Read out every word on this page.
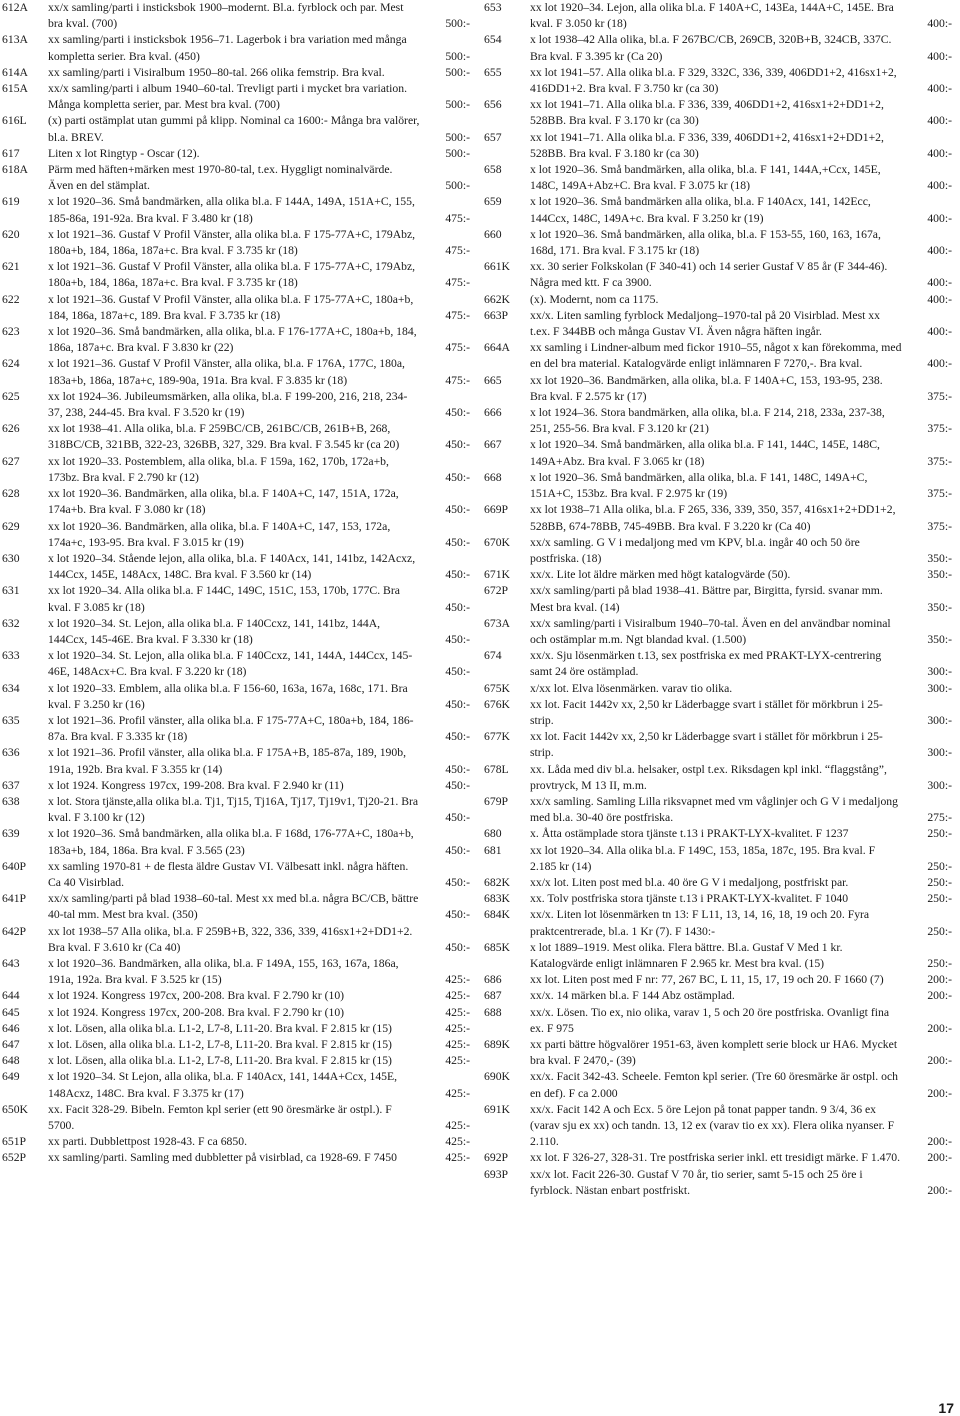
612A	xx/x samling/parti i insticksbok 1900–modernt. Bl.a. fyrblock och par. Mest bra kval. (700)	500:-
613A	xx samling/parti i insticksbok 1956–71. Lagerbok i bra variation med många kompletta serier. Bra kval. (450)	500:-
614A	xx samling/parti i Visiralbum 1950–80-tal. 266 olika femstrip. Bra kval.	500:-
615A	xx/x samling/parti i album 1940–60-tal. Trevligt parti i mycket bra variation. Många kompletta serier, par. Mest bra kval. (700)	500:-
616L	(x) parti ostämplat utan gummi på klipp. Nominal ca 1600:- Många bra valörer, bl.a. BREV.	500:-
617	Liten x lot Ringtyp - Oscar (12).	500:-
618A	Pärm med häften+märken mest 1970-80-tal, t.ex. Hyggligt nominalvärde. Även en del stämplat.	500:-
619	x lot 1920–36. Små bandmärken, alla olika bl.a. F 144A, 149A, 151A+C, 155, 185-86a, 191-92a. Bra kval. F 3.480 kr (18)	475:-
620	x lot 1921–36. Gustaf V Profil Vänster, alla olika bl.a. F 175-77A+C, 179Abz, 180a+b, 184, 186a, 187a+c. Bra kval. F 3.735 kr (18)	475:-
621	x lot 1921–36. Gustaf V Profil Vänster, alla olika bl.a. F 175-77A+C, 179Abz, 180a+b, 184, 186a, 187a+c. Bra kval. F 3.735 kr (18)	475:-
622	x lot 1921–36. Gustaf V Profil Vänster, alla olika bl.a. F 175-77A+C, 180a+b, 184, 186a, 187a+c, 189. Bra kval. F 3.735 kr (18)	475:-
623	x lot 1920–36. Små bandmärken, alla olika, bl.a. F 176-177A+C, 180a+b, 184, 186a, 187a+c. Bra kval. F 3.830 kr (22)	475:-
624	x lot 1921–36. Gustaf V Profil Vänster, alla olika, bl.a. F 176A, 177C, 180a, 183a+b, 186a, 187a+c, 189-90a, 191a. Bra kval. F 3.835 kr (18)	475:-
625	xx lot 1924–36. Jubileumsmärken, alla olika, bl.a. F 199-200, 216, 218, 234-37, 238, 244-45. Bra kval. F 3.520 kr (19)	450:-
626	xx lot 1938–41. Alla olika, bl.a. F 259BC/CB, 261BC/CB, 261B+B, 268, 318BC/CB, 321BB, 322-23, 326BB, 327, 329. Bra kval. F 3.545 kr (ca 20)	450:-
627	xx lot 1920–33. Postemblem, alla olika, bl.a. F 159a, 162, 170b, 172a+b, 173bz. Bra kval. F 2.790 kr (12)	450:-
628	xx lot 1920–36. Bandmärken, alla olika, bl.a. F 140A+C, 147, 151A, 172a, 174a+b. Bra kval. F 3.080 kr (18)	450:-
629	xx lot 1920–36. Bandmärken, alla olika, bl.a. F 140A+C, 147, 153, 172a, 174a+c, 193-95. Bra kval. F 3.015 kr (19)	450:-
630	x lot 1920–34. Stående lejon, alla olika, bl.a. F 140Acx, 141, 141bz, 142Acxz, 144Ccx, 145E, 148Acx, 148C. Bra kval. F 3.560 kr (14)	450:-
631	xx lot 1920–34. Alla olika bl.a. F 144C, 149C, 151C, 153, 170b, 177C. Bra kval. F 3.085 kr (18)	450:-
632	x lot 1920–34. St. Lejon, alla olika bl.a. F 140Ccxz, 141, 141bz, 144A, 144Ccx, 145-46E. Bra kval. F 3.330 kr (18)	450:-
633	x lot 1920–34. St. Lejon, alla olika bl.a. F 140Ccxz, 141, 144A, 144Ccx, 145-46E, 148Acx+C. Bra kval. F 3.220 kr (18)	450:-
634	x lot 1920–33. Emblem, alla olika bl.a. F 156-60, 163a, 167a, 168c, 171. Bra kval. F 3.250 kr (16)	450:-
635	x lot 1921–36. Profil vänster, alla olika bl.a. F 175-77A+C, 180a+b, 184, 186-87a. Bra kval. F 3.335 kr (18)	450:-
636	x lot 1921–36. Profil vänster, alla olika bl.a. F 175A+B, 185-87a, 189, 190b, 191a, 192b. Bra kval. F 3.355 kr (14)	450:-
637	x lot 1924. Kongress 197cx, 199-208. Bra kval. F 2.940 kr (11)	450:-
638	x lot. Stora tjänste,alla olika bl.a. Tj1, Tj15, Tj16A, Tj17, Tj19v1, Tj20-21. Bra kval. F 3.100 kr (12)	450:-
639	x lot 1920–36. Små bandmärken, alla olika bl.a. F 168d, 176-77A+C, 180a+b, 183a+b, 184, 186a. Bra kval. F 3.565 (23)	450:-
640P	xx samling 1970-81 + de flesta äldre Gustav VI. Välbesatt inkl. några häften. Ca 40 Visirblad.	450:-
641P	xx/x samling/parti på blad 1938–60-tal. Mest xx med bl.a. några BC/CB, bättre 40-tal mm. Mest bra kval. (350)	450:-
642P	xx lot 1938–57 Alla olika, bl.a. F 259B+B, 322, 336, 339, 416sx1+2+DD1+2. Bra kval. F 3.610 kr (Ca 40)	450:-
643	x lot 1920–36. Bandmärken, alla olika, bl.a. F 149A, 155, 163, 167a, 186a, 191a, 192a. Bra kval. F 3.525 kr (15)	425:-
644	x lot 1924. Kongress 197cx, 200-208. Bra kval. F 2.790 kr (10)	425:-
645	x lot 1924. Kongress 197cx, 200-208. Bra kval. F 2.790 kr (10)	425:-
646	x lot. Lösen, alla olika bl.a. L1-2, L7-8, L11-20. Bra kval. F 2.815 kr (15)	425:-
647	x lot. Lösen, alla olika bl.a. L1-2, L7-8, L11-20. Bra kval. F 2.815 kr (15)	425:-
648	x lot. Lösen, alla olika bl.a. L1-2, L7-8, L11-20. Bra kval. F 2.815 kr (15)	425:-
649	x lot 1920–34. St Lejon, alla olika, bl.a. F 140Acx, 141, 144A+Ccx, 145E, 148Acxz, 148C. Bra kval. F 3.375 kr (17)	425:-
650K	xx. Facit 328-29. Bibeln. Femton kpl serier (ett 90 öresmärke är ostpl.). F 5700.	425:-
651P	xx parti. Dubblettpost 1928-43. F ca 6850.	425:-
652P	xx samling/parti. Samling med dubbletter på visirblad, ca 1928-69. F 7450	425:-
653	xx lot 1920–34. Lejon, alla olika bl.a. F 140A+C, 143Ea, 144A+C, 145E. Bra kval. F 3.050 kr (18)	400:-
654	x lot 1938–42 Alla olika, bl.a. F 267BC/CB, 269CB, 320B+B, 324CB, 337C. Bra kval. F 3.395 kr (Ca 20)	400:-
655	xx lot 1941–57. Alla olika bl.a. F 329, 332C, 336, 339, 406DD1+2, 416sx1+2, 416DD1+2. Bra kval. F 3.750 kr (ca 30)	400:-
656	xx lot 1941–71. Alla olika bl.a. F 336, 339, 406DD1+2, 416sx1+2+DD1+2, 528BB. Bra kval. F 3.170 kr (ca 30)	400:-
657	xx lot 1941–71. Alla olika bl.a. F 336, 339, 406DD1+2, 416sx1+2+DD1+2, 528BB. Bra kval. F 3.180 kr (ca 30)	400:-
658	x lot 1920–36. Små bandmärken, alla olika, bl.a. F 141, 144A,+Ccx, 145E, 148C, 149A+Abz+C. Bra kval. F 3.075 kr (18)	400:-
659	x lot 1920–36. Små bandmärken alla olika, bl.a. F 140Acx, 141, 142Ecc, 144Ccx, 148C, 149A+c. Bra kval. F 3.250 kr (19)	400:-
660	x lot 1920–36. Små bandmärken, alla olika, bl.a. F 153-55, 160, 163, 167a, 168d, 171. Bra kval. F 3.175 kr (18)	400:-
661K	xx. 30 serier Folkskolan (F 340-41) och 14 serier Gustaf V 85 år (F 344-46). Några med ktt. F ca 3900.	400:-
662K	(x). Modernt, nom ca 1175.	400:-
663P	xx/x. Liten samling fyrblock Medaljong–1970-tal på 20 Visirblad. Mest xx t.ex. F 344BB och många Gustav VI. Även några häften ingår.	400:-
664A	xx samling i Lindner-album med fickor 1910–55, något x kan förekomma, med en del bra material. Katalogvärde enligt inlämnaren F 7270,-. Bra kval.	400:-
665	xx lot 1920–36. Bandmärken, alla olika, bl.a. F 140A+C, 153, 193-95, 238. Bra kval. F 2.575 kr (17)	375:-
666	x lot 1924–36. Stora bandmärken, alla olika, bl.a. F 214, 218, 233a, 237-38, 251, 255-56. Bra kval. F 3.120 kr (21)	375:-
667	x lot 1920–34. Små bandmärken, alla olika bl.a. F 141, 144C, 145E, 148C, 149A+Abz. Bra kval. F 3.065 kr (18)	375:-
668	x lot 1920–36. Små bandmärken, alla olika, bl.a. F 141, 148C, 149A+C, 151A+C, 153bz. Bra kval. F 2.975 kr (19)	375:-
669P	xx lot 1938–71 Alla olika, bl.a. F 265, 336, 339, 350, 357, 416sx1+2+DD1+2, 528BB, 674-78BB, 745-49BB. Bra kval. F 3.220 kr (Ca 40)	375:-
670K	xx/x samling. G V i medaljong med vm KPV, bl.a. ingår 40 och 50 öre postfriska. (18)	350:-
671K	xx/x. Lite lot äldre märken med högt katalogvärde (50).	350:-
672P	xx/x samling/parti på blad 1938–41. Bättre par, Birgitta, fyrsid. svanar mm. Mest bra kval. (14)	350:-
673A	xx/x samling/parti i Visiralbum 1940–70-tal. Även en del användbar nominal och ostämplar m.m. Ngt blandad kval. (1.500)	350:-
674	xx/x. Sju lösenmärken t.13, sex postfriska ex med PRAKT-LYX-centrering samt 24 öre ostämplad.	300:-
675K	x/xx lot. Elva lösenmärken. varav tio olika.	300:-
676K	xx lot. Facit 1442v xx, 2,50 kr Läderbagge svart i stället för mörkbrun i 25-strip.	300:-
677K	xx lot. Facit 1442v xx, 2,50 kr Läderbagge svart i stället för mörkbrun i 25-strip.	300:-
678L	xx. Låda med div bl.a. helsaker, ostpl t.ex. Riksdagen kpl inkl. “flaggstång”, provtryck, M 13 II, m.m.	300:-
679P	xx/x samling. Samling Lilla riksvapnet med vm våglinjer och G V i medaljong med bl.a. 30-40 öre postfriska.	275:-
680	x. Åtta ostämplade stora tjänste t.13 i PRAKT-LYX-kvalitet. F 1237	250:-
681	xx lot 1920–34. Alla olika bl.a. F 149C, 153, 185a, 187c, 195. Bra kval. F 2.185 kr (14)	250:-
682K	xx/x lot. Liten post med bl.a. 40 öre G V i medaljong, postfriskt par.	250:-
683K	xx. Tolv postfriska stora tjänste t.13 i PRAKT-LYX-kvalitet. F 1040	250:-
684K	xx/x. Liten lot lösenmärken tn 13: F L11, 13, 14, 16, 18, 19 och 20. Fyra praktcentrerade, bl.a. 1 Kr (7). F 1430:-	250:-
685K	x lot 1889–1919. Mest olika. Flera bättre. Bl.a. Gustaf V Med 1 kr. Katalogvärde enligt inlämnaren F 2.965 kr. Mest bra kval. (15)	250:-
686	xx lot. Liten post med F nr: 77, 267 BC, L 11, 15, 17, 19 och 20. F 1660 (7)	200:-
687	xx/x. 14 märken bl.a. F 144 Abz ostämplad.	200:-
688	xx/x. Lösen. Tio ex, nio olika, varav 1, 5 och 20 öre postfriska. Ovanligt fina ex. F 975	200:-
689K	xx parti bättre högvalörer 1951-63, även komplett serie block ur HA6. Mycket bra kval. F 2470,- (39)	200:-
690K	xx/x. Facit 342-43. Scheele. Femton kpl serier. (Tre 60 öresmärke är ostpl. och en def). F ca 2.000	200:-
691K	xx/x. Facit 142 A och Ecx. 5 öre Lejon på tonat papper tandn. 9 3/4, 36 ex (varav sju ex xx) och tandn. 13, 12 ex (varav tio ex xx). Flera olika nyanser. F 2.110.	200:-
692P	xx lot. F 326-27, 328-31. Tre postfriska serier inkl. ett tresidigt märke. F 1.470.	200:-
693P	xx/x lot. Facit 226-30. Gustaf V 70 år, tio serier, samt 5-15 och 25 öre i fyrblock. Nästan enbart postfriskt.	200:-
17
